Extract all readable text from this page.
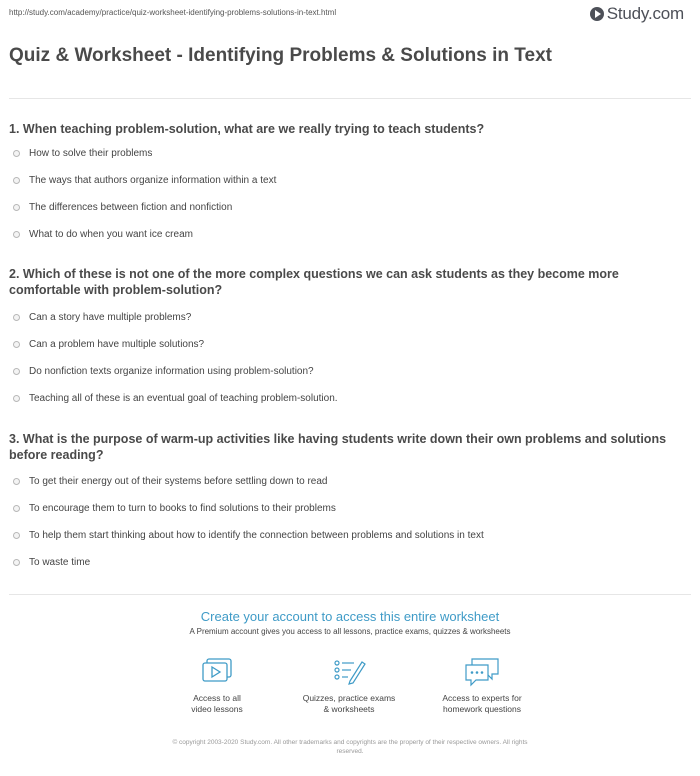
http://study.com/academy/practice/quiz-worksheet-identifying-problems-solutions-in-text.html	Study.com
Quiz & Worksheet - Identifying Problems & Solutions in Text
1. When teaching problem-solution, what are we really trying to teach students?
How to solve their problems
The ways that authors organize information within a text
The differences between fiction and nonfiction
What to do when you want ice cream
2. Which of these is not one of the more complex questions we can ask students as they become more comfortable with problem-solution?
Can a story have multiple problems?
Can a problem have multiple solutions?
Do nonfiction texts organize information using problem-solution?
Teaching all of these is an eventual goal of teaching problem-solution.
3. What is the purpose of warm-up activities like having students write down their own problems and solutions before reading?
To get their energy out of their systems before settling down to read
To encourage them to turn to books to find solutions to their problems
To help them start thinking about how to identify the connection between problems and solutions in text
To waste time
Create your account to access this entire worksheet
A Premium account gives you access to all lessons, practice exams, quizzes & worksheets
Access to all
video lessons
Quizzes, practice exams
& worksheets
Access to experts for
homework questions
© copyright 2003-2020 Study.com. All other trademarks and copyrights are the property of their respective owners. All rights
reserved.
